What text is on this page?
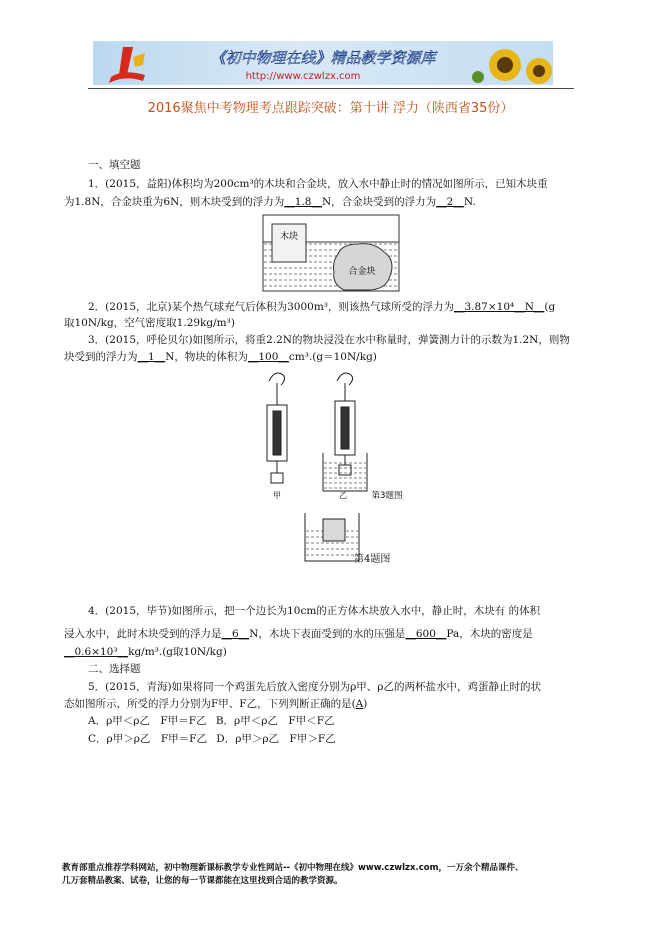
《初中物理在线》精品教学资源库
http://www.czwlzx.com
2016聚焦中考物理考点跟踪突破：第十讲 浮力（陕西省35份）
一、填空题
1．(2015，益阳)体积均为200cm³的木块和合金块，放入水中静止时的情况如图所示，已知木块重
为1.8N，合金块重为6N，则木块受到的浮力为__1.8__N，合金块受到的浮力为__2__N.
木块
合金块
2．(2015，北京)某个热气球充气后体积为3000m³，则该热气球所受的浮力为__3.87×10⁴__N__(g
取10N/kg，空气密度取1.29kg/m³)
3．(2015，呼伦贝尔)如图所示，将重2.2N的物块浸没在水中称量时，弹簧测力计的示数为1.2N，则物
块受到的浮力为__1__N，物块的体积为__100__cm³.(g＝10N/kg)
甲	乙	第3题图
第4题图
4．(2015，毕节)如图所示，把一个边长为10cm的正方体木块放入水中，静止时，木块有 的体积
浸入水中，此时木块受到的浮力是__6__N，木块下表面受到的水的压强是__600__Pa，木块的密度是
__0.6×10³__kg/m³.(g取10N/kg)
二、选择题
5．(2015，青海)如果将同一个鸡蛋先后放入密度分别为ρ甲、ρ乙的两杯盐水中，鸡蛋静止时的状
态如图所示，所受的浮力分别为F甲、F乙，下列判断正确的是(A)
A．ρ甲＜ρ乙　F甲＝F乙 B．ρ甲＜ρ乙　F甲＜F乙
C．ρ甲＞ρ乙　F甲＝F乙 D．ρ甲＞ρ乙　F甲＞F乙
教育部重点推荐学科网站，初中物理新课标教学专业性网站--《初中物理在线》www.czwlzx.com，一万余个精品课件、
几万套精品教案、试卷，让您的每一节课都能在这里找到合适的教学资源。
